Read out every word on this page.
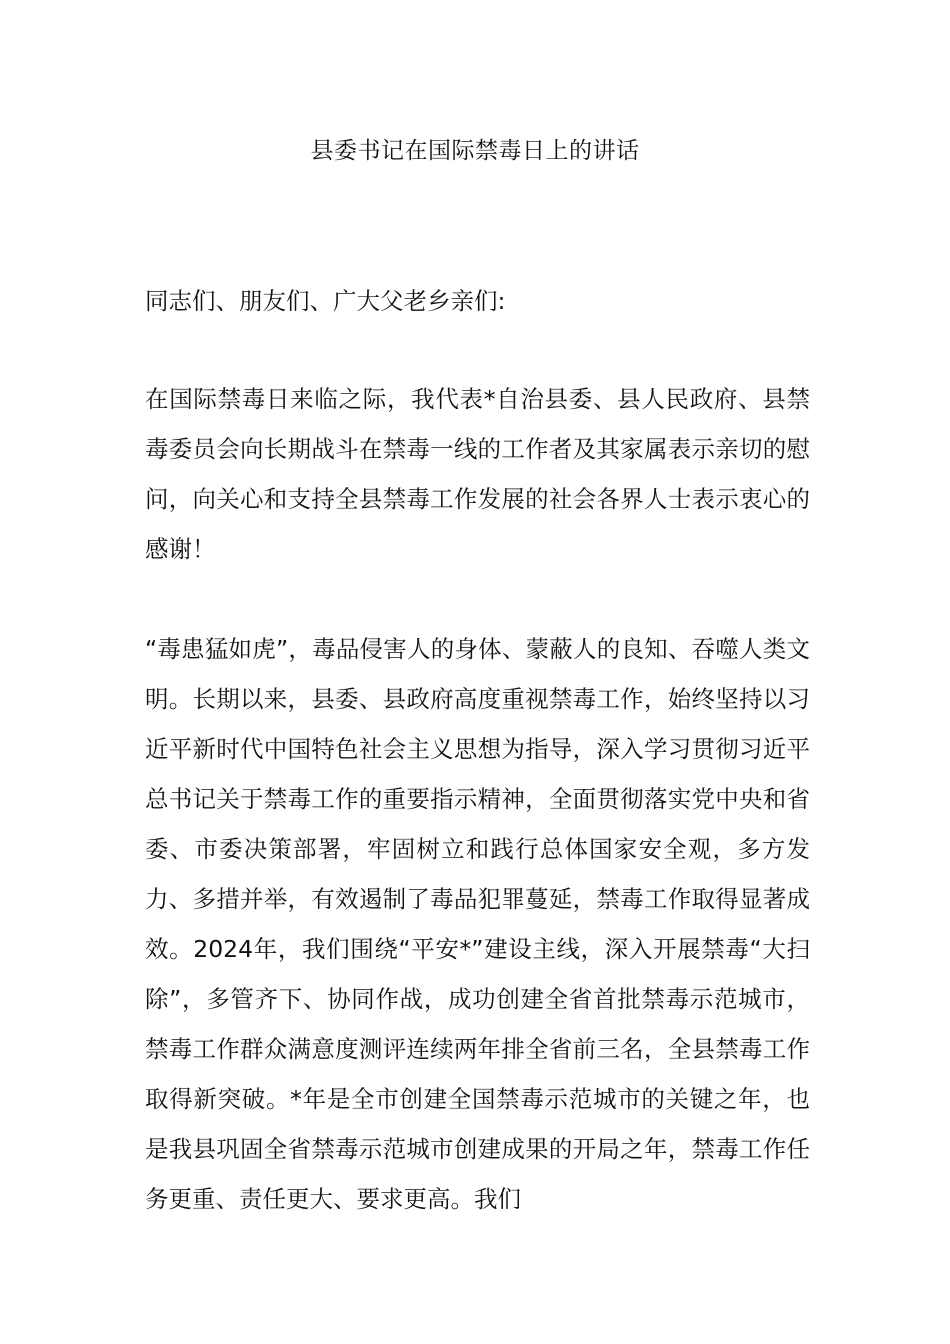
县委书记在国际禁毒日上的讲话

同志们、朋友们、广大父老乡亲们:

在国际禁毒日来临之际，我代表*自治县委、县人民政府、县禁毒委员会向长期战斗在禁毒一线的工作者及其家属表示亲切的慰问，向关心和支持全县禁毒工作发展的社会各界人士表示衷心的感谢！

“毒患猛如虎”，毒品侵害人的身体、蒙蔽人的良知、吞噬人类文明。长期以来，县委、县政府高度重视禁毒工作，始终坚持以习近平新时代中国特色社会主义思想为指导，深入学习贯彻习近平总书记关于禁毒工作的重要指示精神，全面贯彻落实党中央和省委、市委决策部署，牢固树立和践行总体国家安全观，多方发力、多措并举，有效遏制了毒品犯罪蔓延，禁毒工作取得显著成效。2024年，我们围绕“平安*”建设主线，深入开展禁毒“大扫除”，多管齐下、协同作战，成功创建全省首批禁毒示范城市，禁毒工作群众满意度测评连续两年排全省前三名，全县禁毒工作取得新突破。*年是全市创建全国禁毒示范城市的关键之年，也是我县巩固全省禁毒示范城市创建成果的开局之年，禁毒工作任务更重、责任更大、要求更高。我们
